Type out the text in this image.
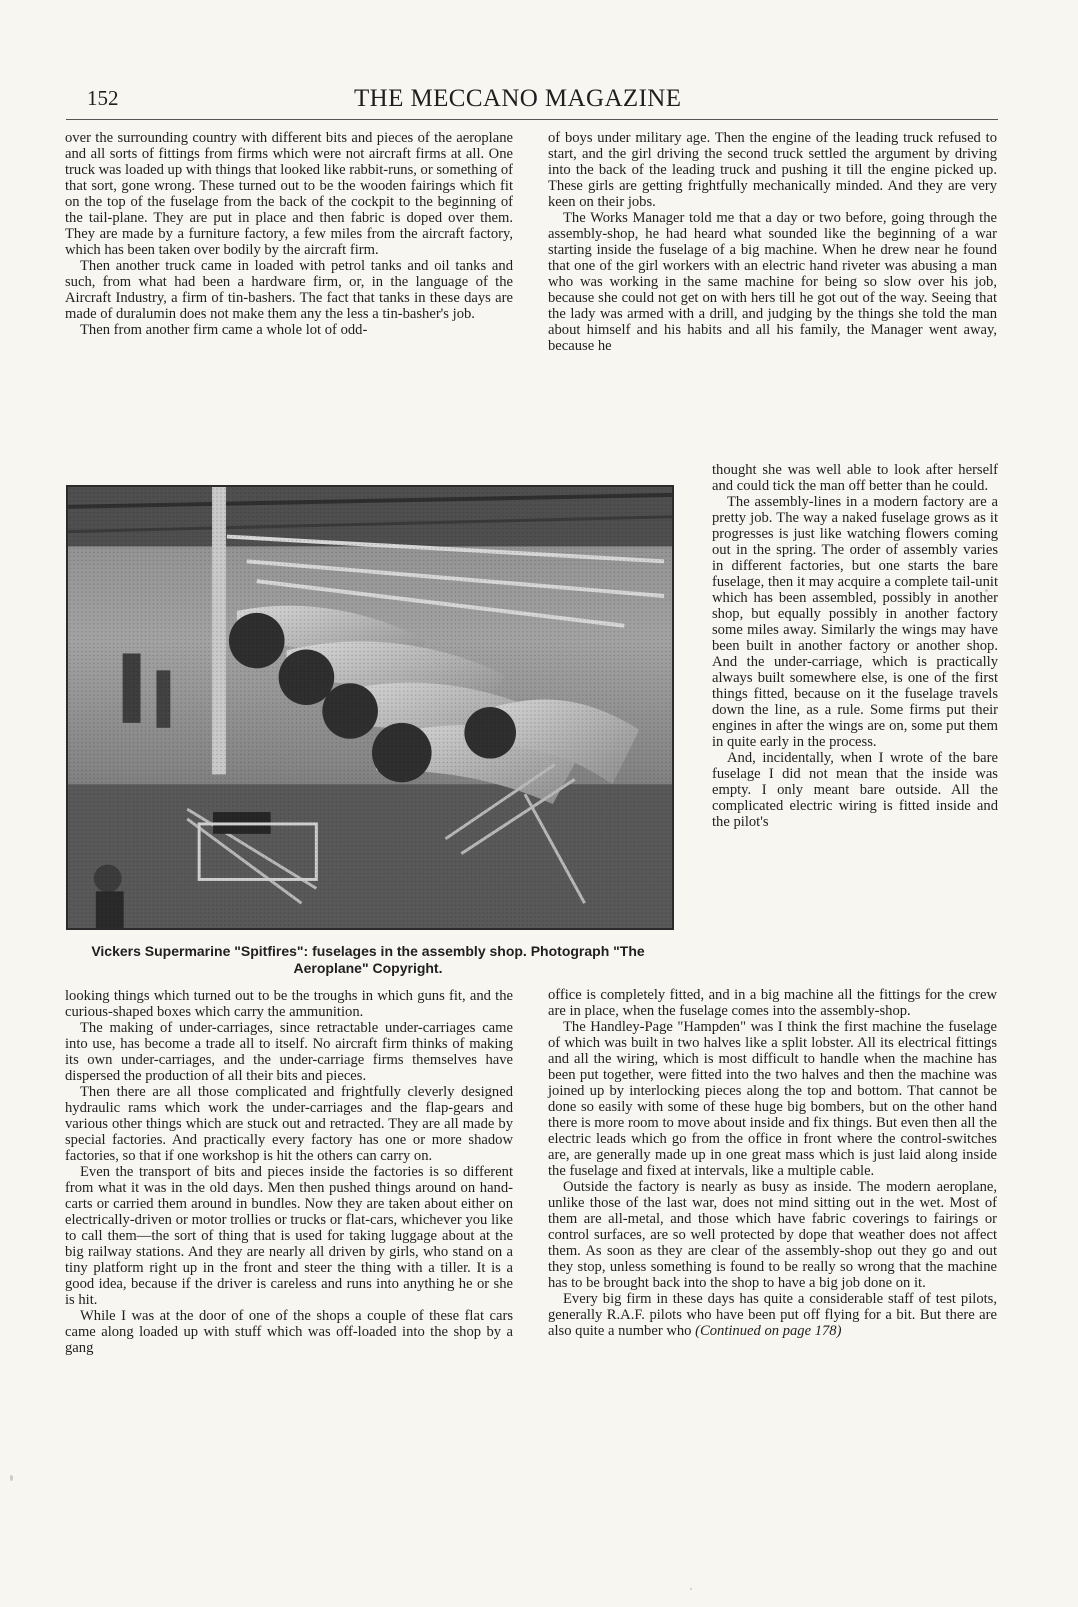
152	THE MECCANO MAGAZINE

over the surrounding country with different bits and pieces of the aeroplane and all sorts of fittings from firms which were not aircraft firms at all. One truck was loaded up with things that looked like rabbit-runs, or something of that sort, gone wrong. These turned out to be the wooden fairings which fit on the top of the fuselage from the back of the cockpit to the beginning of the tail-plane. They are put in place and then fabric is doped over them. They are made by a furniture factory, a few miles from the aircraft factory, which has been taken over bodily by the aircraft firm.

Then another truck came in loaded with petrol tanks and oil tanks and such, from what had been a hardware firm, or, in the language of the Aircraft Industry, a firm of tin-bashers. The fact that tanks in these days are made of duralumin does not make them any the less a tin-basher's job.

Then from another firm came a whole lot of odd-

of boys under military age. Then the engine of the leading truck refused to start, and the girl driving the second truck settled the argument by driving into the back of the leading truck and pushing it till the engine picked up. These girls are getting frightfully mechanically minded. And they are very keen on their jobs.

The Works Manager told me that a day or two before, going through the assembly-shop, he had heard what sounded like the beginning of a war starting inside the fuselage of a big machine. When he drew near he found that one of the girl workers with an electric hand riveter was abusing a man who was working in the same machine for being so slow over his job, because she could not get on with hers till he got out of the way. Seeing that the lady was armed with a drill, and judging by the things she told the man about himself and his habits and all his family, the Manager went away, because he

Vickers Supermarine "Spitfires": fuselages in the assembly shop. Photograph "The Aeroplane" Copyright.

thought she was well able to look after herself and could tick the man off better than he could.

The assembly-lines in a modern factory are a pretty job. The way a naked fuselage grows as it progresses is just like watching flowers coming out in the spring. The order of assembly varies in different factories, but one starts the bare fuselage, then it may acquire a complete tail-unit which has been assembled, possibly in another shop, but equally possibly in another factory some miles away. Similarly the wings may have been built in another factory or another shop. And the under-carriage, which is practically always built somewhere else, is one of the first things fitted, because on it the fuselage travels down the line, as a rule. Some firms put their engines in after the wings are on, some put them in quite early in the process.

And, incidentally, when I wrote of the bare fuselage I did not mean that the inside was empty. I only meant bare outside. All the complicated electric wiring is fitted inside and the pilot's

looking things which turned out to be the troughs in which guns fit, and the curious-shaped boxes which carry the ammunition.

The making of under-carriages, since retractable under-carriages came into use, has become a trade all to itself. No aircraft firm thinks of making its own under-carriages, and the under-carriage firms themselves have dispersed the production of all their bits and pieces.

Then there are all those complicated and frightfully cleverly designed hydraulic rams which work the under-carriages and the flap-gears and various other things which are stuck out and retracted. They are all made by special factories. And practically every factory has one or more shadow factories, so that if one workshop is hit the others can carry on.

Even the transport of bits and pieces inside the factories is so different from what it was in the old days. Men then pushed things around on hand-carts or carried them around in bundles. Now they are taken about either on electrically-driven or motor trollies or trucks or flat-cars, whichever you like to call them—the sort of thing that is used for taking luggage about at the big railway stations. And they are nearly all driven by girls, who stand on a tiny platform right up in the front and steer the thing with a tiller. It is a good idea, because if the driver is careless and runs into anything he or she is hit.

While I was at the door of one of the shops a couple of these flat cars came along loaded up with stuff which was off-loaded into the shop by a gang

office is completely fitted, and in a big machine all the fittings for the crew are in place, when the fuselage comes into the assembly-shop.

The Handley-Page "Hampden" was I think the first machine the fuselage of which was built in two halves like a split lobster. All its electrical fittings and all the wiring, which is most difficult to handle when the machine has been put together, were fitted into the two halves and then the machine was joined up by interlocking pieces along the top and bottom. That cannot be done so easily with some of these huge big bombers, but on the other hand there is more room to move about inside and fix things. But even then all the electric leads which go from the office in front where the control-switches are, are generally made up in one great mass which is just laid along inside the fuselage and fixed at intervals, like a multiple cable.

Outside the factory is nearly as busy as inside. The modern aeroplane, unlike those of the last war, does not mind sitting out in the wet. Most of them are all-metal, and those which have fabric coverings to fairings or control surfaces, are so well protected by dope that weather does not affect them. As soon as they are clear of the assembly-shop out they go and out they stop, unless something is found to be really so wrong that the machine has to be brought back into the shop to have a big job done on it.

Every big firm in these days has quite a considerable staff of test pilots, generally R.A.F. pilots who have been put off flying for a bit. But there are also quite a number who (Continued on page 178)
